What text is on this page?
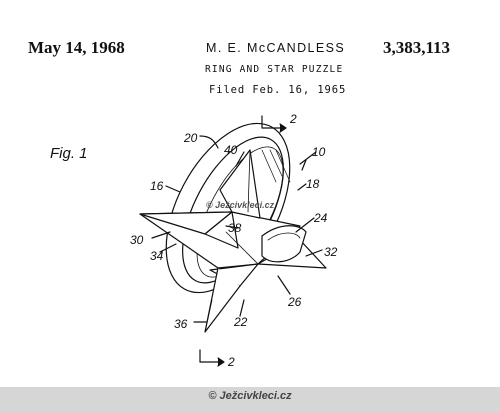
May 14, 1968	M. E. McCANDLESS
RING AND STAR PUZZLE
Filed Feb. 16, 1965
3,383,113
Fig. 1
2
2
10
16	18
20
22
24
26
30
32
34
36
38
40
© Ježcivkleci.cz
© Ježcivkleci.cz
